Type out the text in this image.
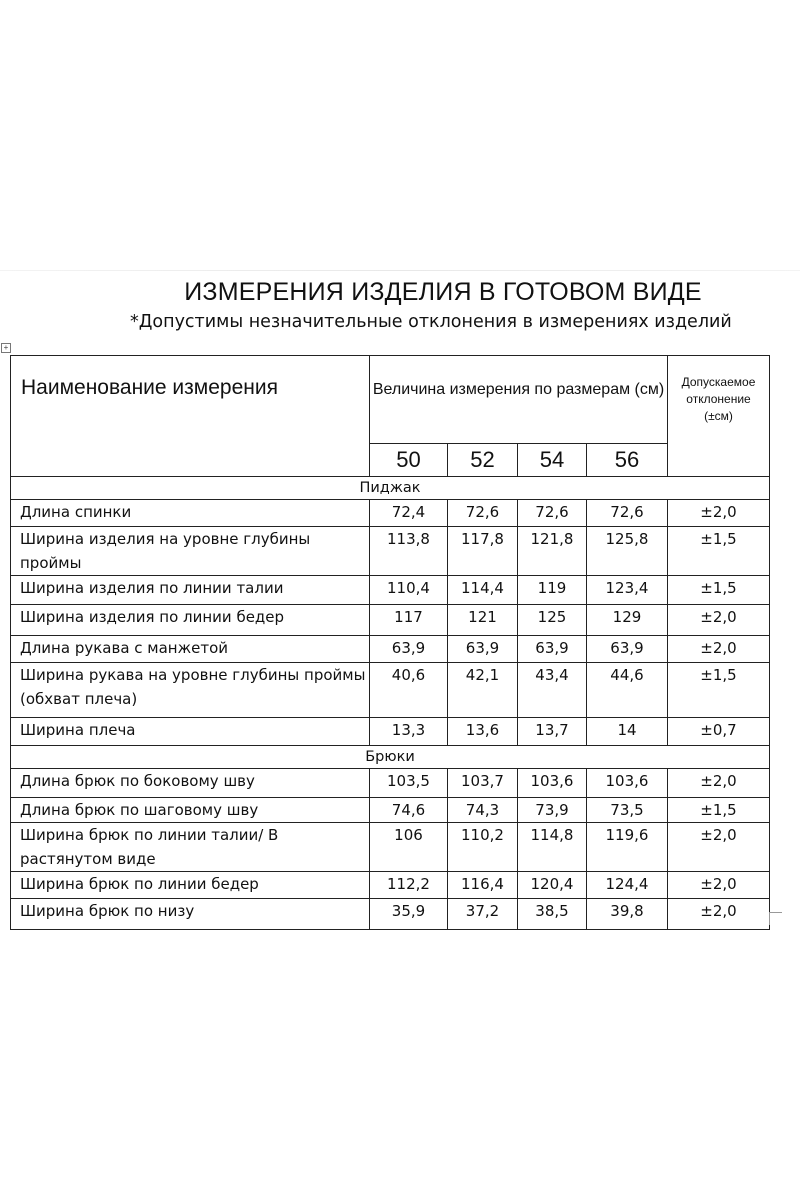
ИЗМЕРЕНИЯ ИЗДЕЛИЯ В ГОТОВОМ ВИДЕ
*Допустимы незначительные отклонения в измерениях изделий
+
Наименование измерения	Величина измерения по размерам (см)				Допускаемое отклонение
(±см)

	50	52	54	56	
Пиджак					
Длина спинки	72,4	72,6	72,6	72,6	±2,0
Ширина изделия на уровне глубины проймы	113,8	117,8	121,8	125,8	±1,5
Ширина изделия по линии талии	110,4	114,4	119	123,4	±1,5
Ширина изделия по линии бедер	117	121	125	129	±2,0
Длина рукава с манжетой	63,9	63,9	63,9	63,9	±2,0
Ширина рукава на уровне глубины проймы (обхват плеча)	40,6	42,1	43,4	44,6	±1,5
Ширина плеча	13,3	13,6	13,7	14	±0,7
Брюки					
Длина брюк по боковому шву	103,5	103,7	103,6	103,6	±2,0
Длина брюк по шаговому шву	74,6	74,3	73,9	73,5	±1,5
Ширина брюк по линии талии/ В растянутом виде	106	110,2	114,8	119,6	±2,0
Ширина брюк по линии бедер	112,2	116,4	120,4	124,4	±2,0
Ширина брюк по низу	35,9	37,2	38,5	39,8	±2,0
